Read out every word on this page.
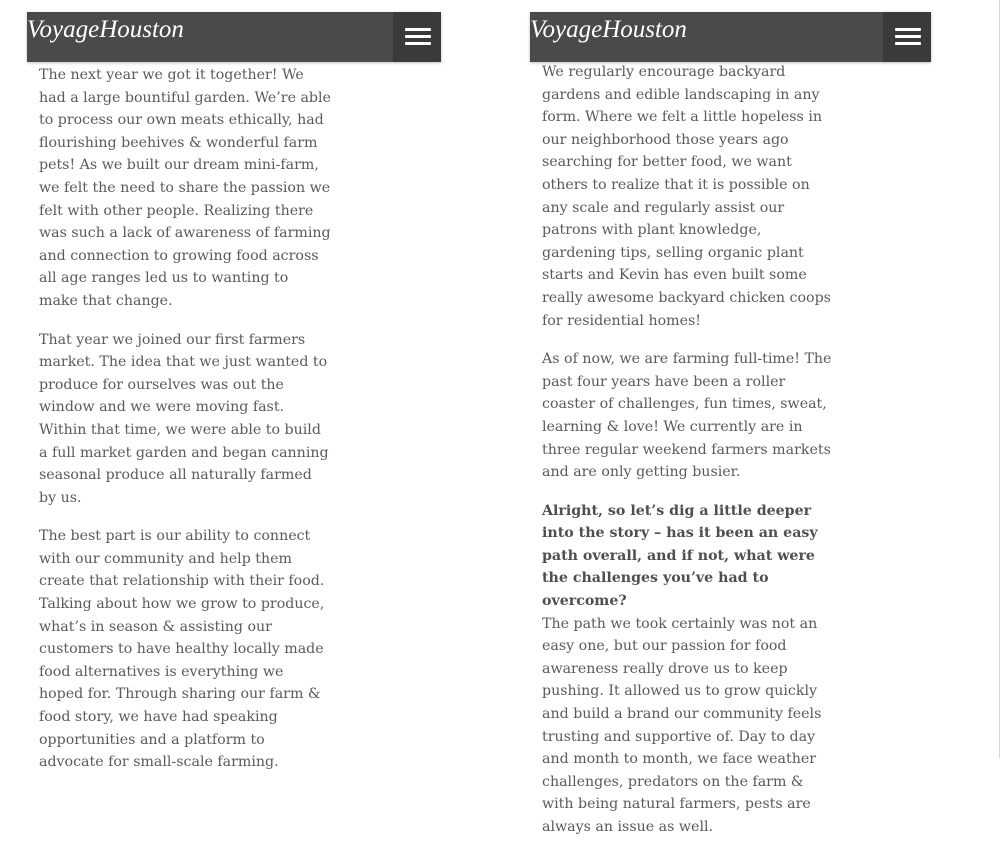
The next year we got it together! We had a large bountiful garden. We’re able to process our own meats ethically, had flourishing beehives & wonderful farm pets! As we built our dream mini-farm, we felt the need to share the passion we felt with other people. Realizing there was such a lack of awareness of farming and connection to growing food across all age ranges led us to wanting to make that change.

That year we joined our first farmers market. The idea that we just wanted to produce for ourselves was out the window and we were moving fast. Within that time, we were able to build a full market garden and began canning seasonal produce all naturally farmed by us.

The best part is our ability to connect with our community and help them create that relationship with their food. Talking about how we grow to produce, what’s in season & assisting our customers to have healthy locally made food alternatives is everything we hoped for. Through sharing our farm & food story, we have had speaking opportunities and a platform to advocate for small-scale farming.

VoyageHouston

We regularly encourage backyard gardens and edible landscaping in any form. Where we felt a little hopeless in our neighborhood those years ago searching for better food, we want others to realize that it is possible on any scale and regularly assist our patrons with plant knowledge, gardening tips, selling organic plant starts and Kevin has even built some really awesome backyard chicken coops for residential homes!

As of now, we are farming full-time! The past four years have been a roller coaster of challenges, fun times, sweat, learning & love! We currently are in three regular weekend farmers markets and are only getting busier.

Alright, so let’s dig a little deeper into the story – has it been an easy path overall, and if not, what were the challenges you’ve had to overcome?

The path we took certainly was not an easy one, but our passion for food awareness really drove us to keep pushing. It allowed us to grow quickly and build a brand our community feels trusting and supportive of. Day to day and month to month, we face weather challenges, predators on the farm & with being natural farmers, pests are always an issue as well.

VoyageHouston
